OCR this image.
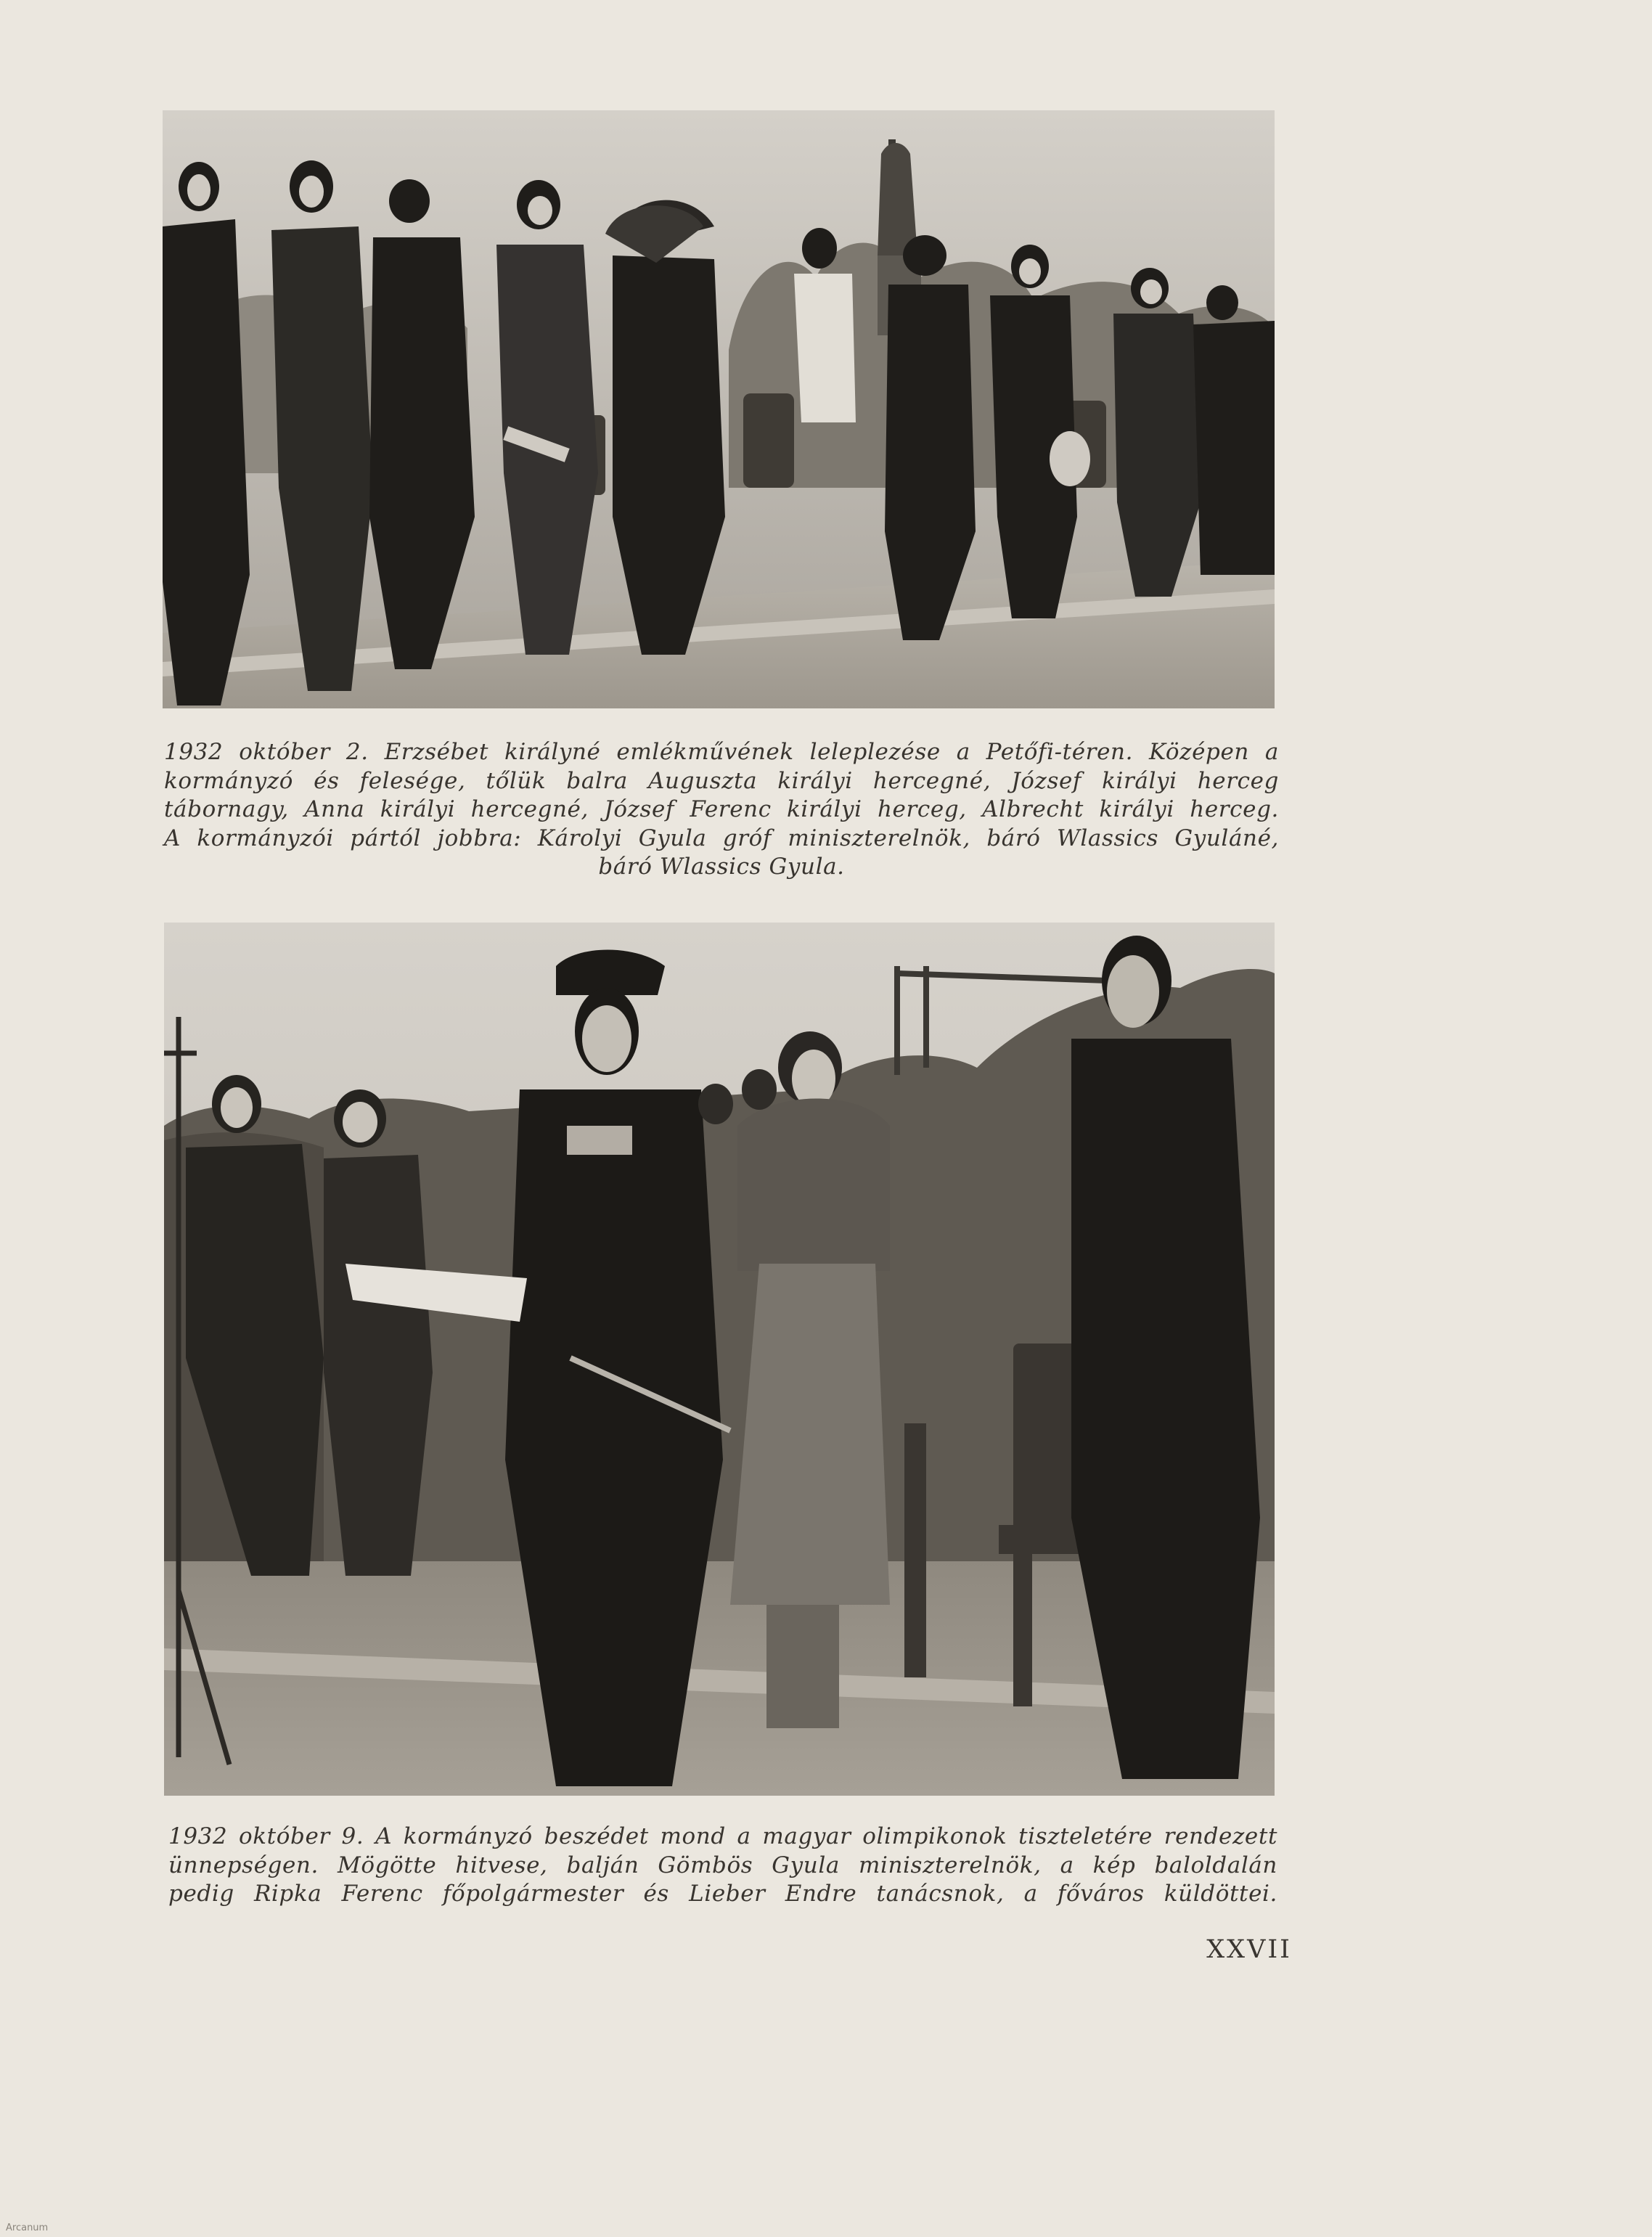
1932 október 2. Erzsébet királyné emlékművének leleplezése a Petőfi-téren. Középen a
kormányzó és felesége, tőlük balra Auguszta királyi hercegné, József királyi herceg
tábornagy, Anna királyi hercegné, József Ferenc királyi herceg, Albrecht királyi herceg.
A kormányzói pártól jobbra: Károlyi Gyula gróf miniszterelnök, báró Wlassics Gyuláné,
báró Wlassics Gyula.
1932 október 9. A kormányzó beszédet mond a magyar olimpikonok tiszteletére rendezett
ünnepségen. Mögötte hitvese, balján Gömbös Gyula miniszterelnök, a kép baloldalán
pedig Ripka Ferenc főpolgármester és Lieber Endre tanácsnok, a főváros küldöttei.
XXVII
Arcanum
